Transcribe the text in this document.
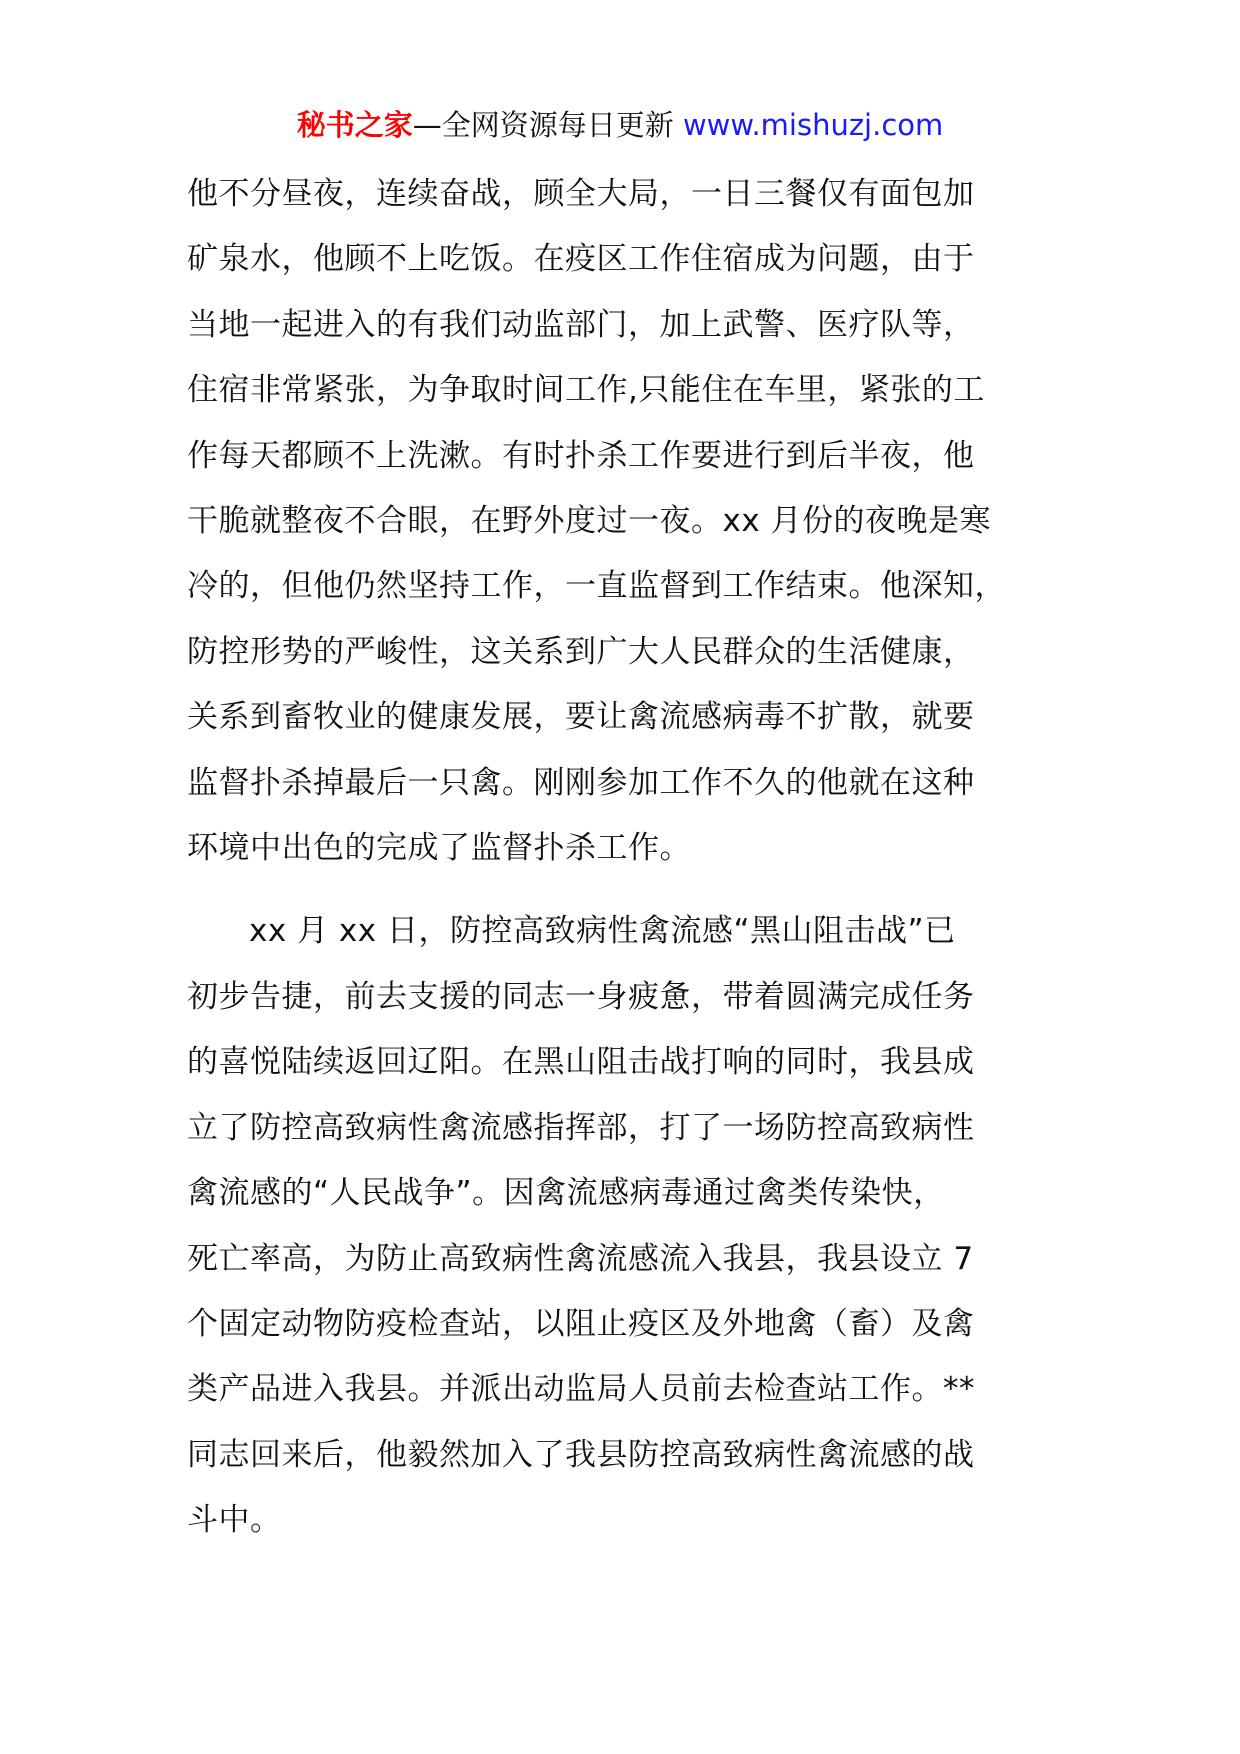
秘书之家—全网资源每日更新 www.mishuzj.com

他不分昼夜，连续奋战，顾全大局，一日三餐仅有面包加
矿泉水，他顾不上吃饭。在疫区工作住宿成为问题，由于
当地一起进入的有我们动监部门，加上武警、医疗队等，
住宿非常紧张，为争取时间工作,只能住在车里，紧张的工
作每天都顾不上洗漱。有时扑杀工作要进行到后半夜，他
干脆就整夜不合眼，在野外度过一夜。xx 月份的夜晚是寒
冷的，但他仍然坚持工作，一直监督到工作结束。他深知，
防控形势的严峻性，这关系到广大人民群众的生活健康，
关系到畜牧业的健康发展，要让禽流感病毒不扩散，就要
监督扑杀掉最后一只禽。刚刚参加工作不久的他就在这种
环境中出色的完成了监督扑杀工作。

xx 月 xx 日，防控高致病性禽流感“黑山阻击战”已
初步告捷，前去支援的同志一身疲惫，带着圆满完成任务
的喜悦陆续返回辽阳。在黑山阻击战打响的同时，我县成
立了防控高致病性禽流感指挥部，打了一场防控高致病性
禽流感的“人民战争”。因禽流感病毒通过禽类传染快，
死亡率高，为防止高致病性禽流感流入我县，我县设立 7
个固定动物防疫检查站，以阻止疫区及外地禽（畜）及禽
类产品进入我县。并派出动监局人员前去检查站工作。**
同志回来后，他毅然加入了我县防控高致病性禽流感的战
斗中。
